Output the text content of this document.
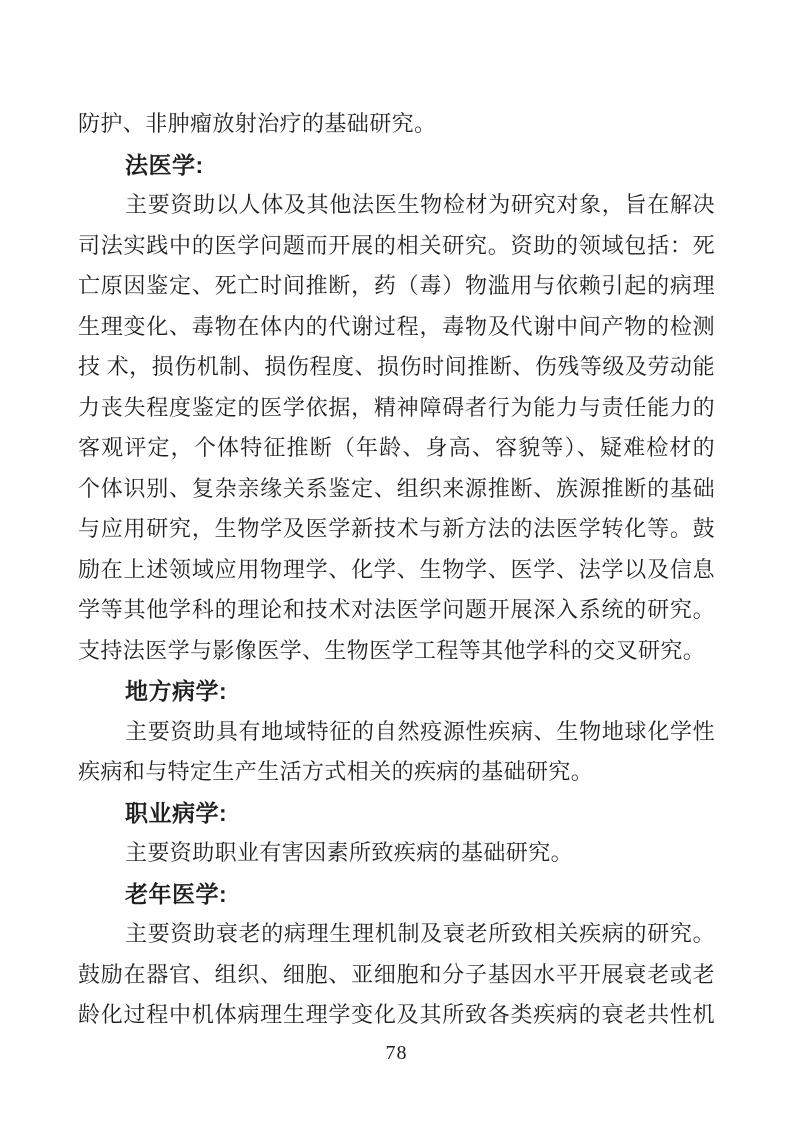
防护、非肿瘤放射治疗的基础研究。
法医学:
主要资助以人体及其他法医生物检材为研究对象，旨在解决
司法实践中的医学问题而开展的相关研究。资助的领域包括：死
亡原因鉴定、死亡时间推断，药（毒）物滥用与依赖引起的病理
生理变化、毒物在体内的代谢过程，毒物及代谢中间产物的检测
技 术，损伤机制、损伤程度、损伤时间推断、伤残等级及劳动能
力丧失程度鉴定的医学依据，精神障碍者行为能力与责任能力的
客观评定，个体特征推断（年龄、身高、容貌等）、疑难检材的
个体识别、复杂亲缘关系鉴定、组织来源推断、族源推断的基础
与应用研究，生物学及医学新技术与新方法的法医学转化等。鼓
励在上述领域应用物理学、化学、生物学、医学、法学以及信息
学等其他学科的理论和技术对法医学问题开展深入系统的研究。
支持法医学与影像医学、生物医学工程等其他学科的交叉研究。
地方病学:
主要资助具有地域特征的自然疫源性疾病、生物地球化学性
疾病和与特定生产生活方式相关的疾病的基础研究。
职业病学:
主要资助职业有害因素所致疾病的基础研究。
老年医学:
主要资助衰老的病理生理机制及衰老所致相关疾病的研究。
鼓励在器官、组织、细胞、亚细胞和分子基因水平开展衰老或老
龄化过程中机体病理生理学变化及其所致各类疾病的衰老共性机
78
